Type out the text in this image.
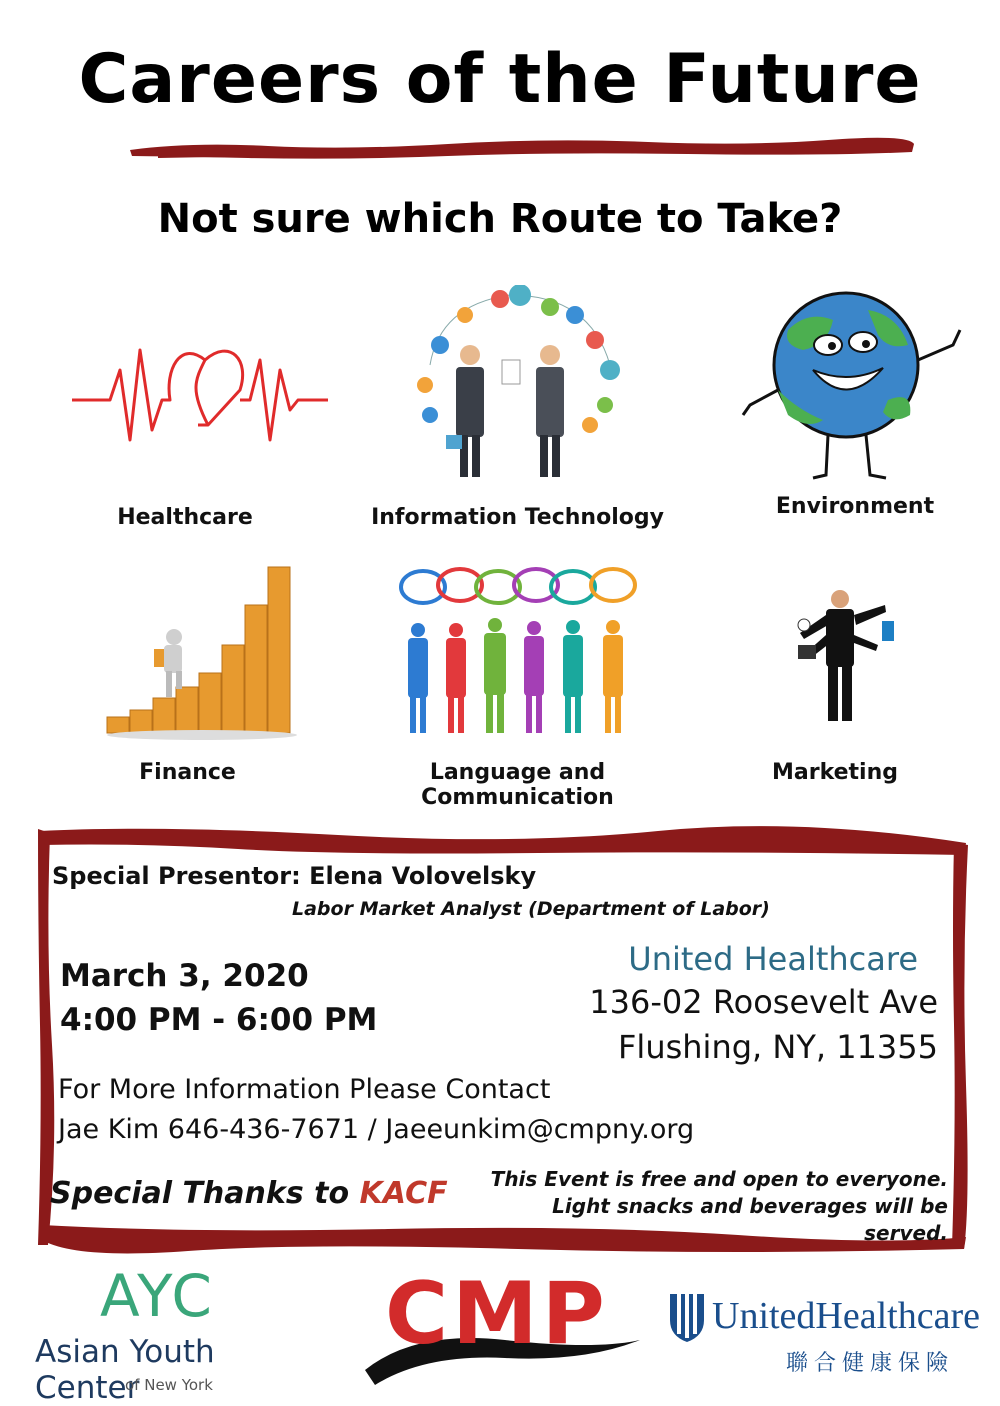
Careers of the Future
Not sure which Route to Take?
Healthcare	Information Technology	Environment
Finance	Language and Communication
Marketing
Special Presentor: Elena Volovelsky
Labor Market Analyst (Department of Labor)
March 3, 2020
4:00 PM - 6:00 PM
United Healthcare
136-02 Roosevelt Ave
Flushing, NY, 11355
For More Information Please Contact
Jae Kim 646-436-7671 / Jaeeunkim@cmpny.org
Special Thanks to KACF	This Event is free and open to everyone.
Light snacks and beverages will be served.
AYC
Asian Youth Center
of New York
CMP	UnitedHealthcare
聯合健康保險
